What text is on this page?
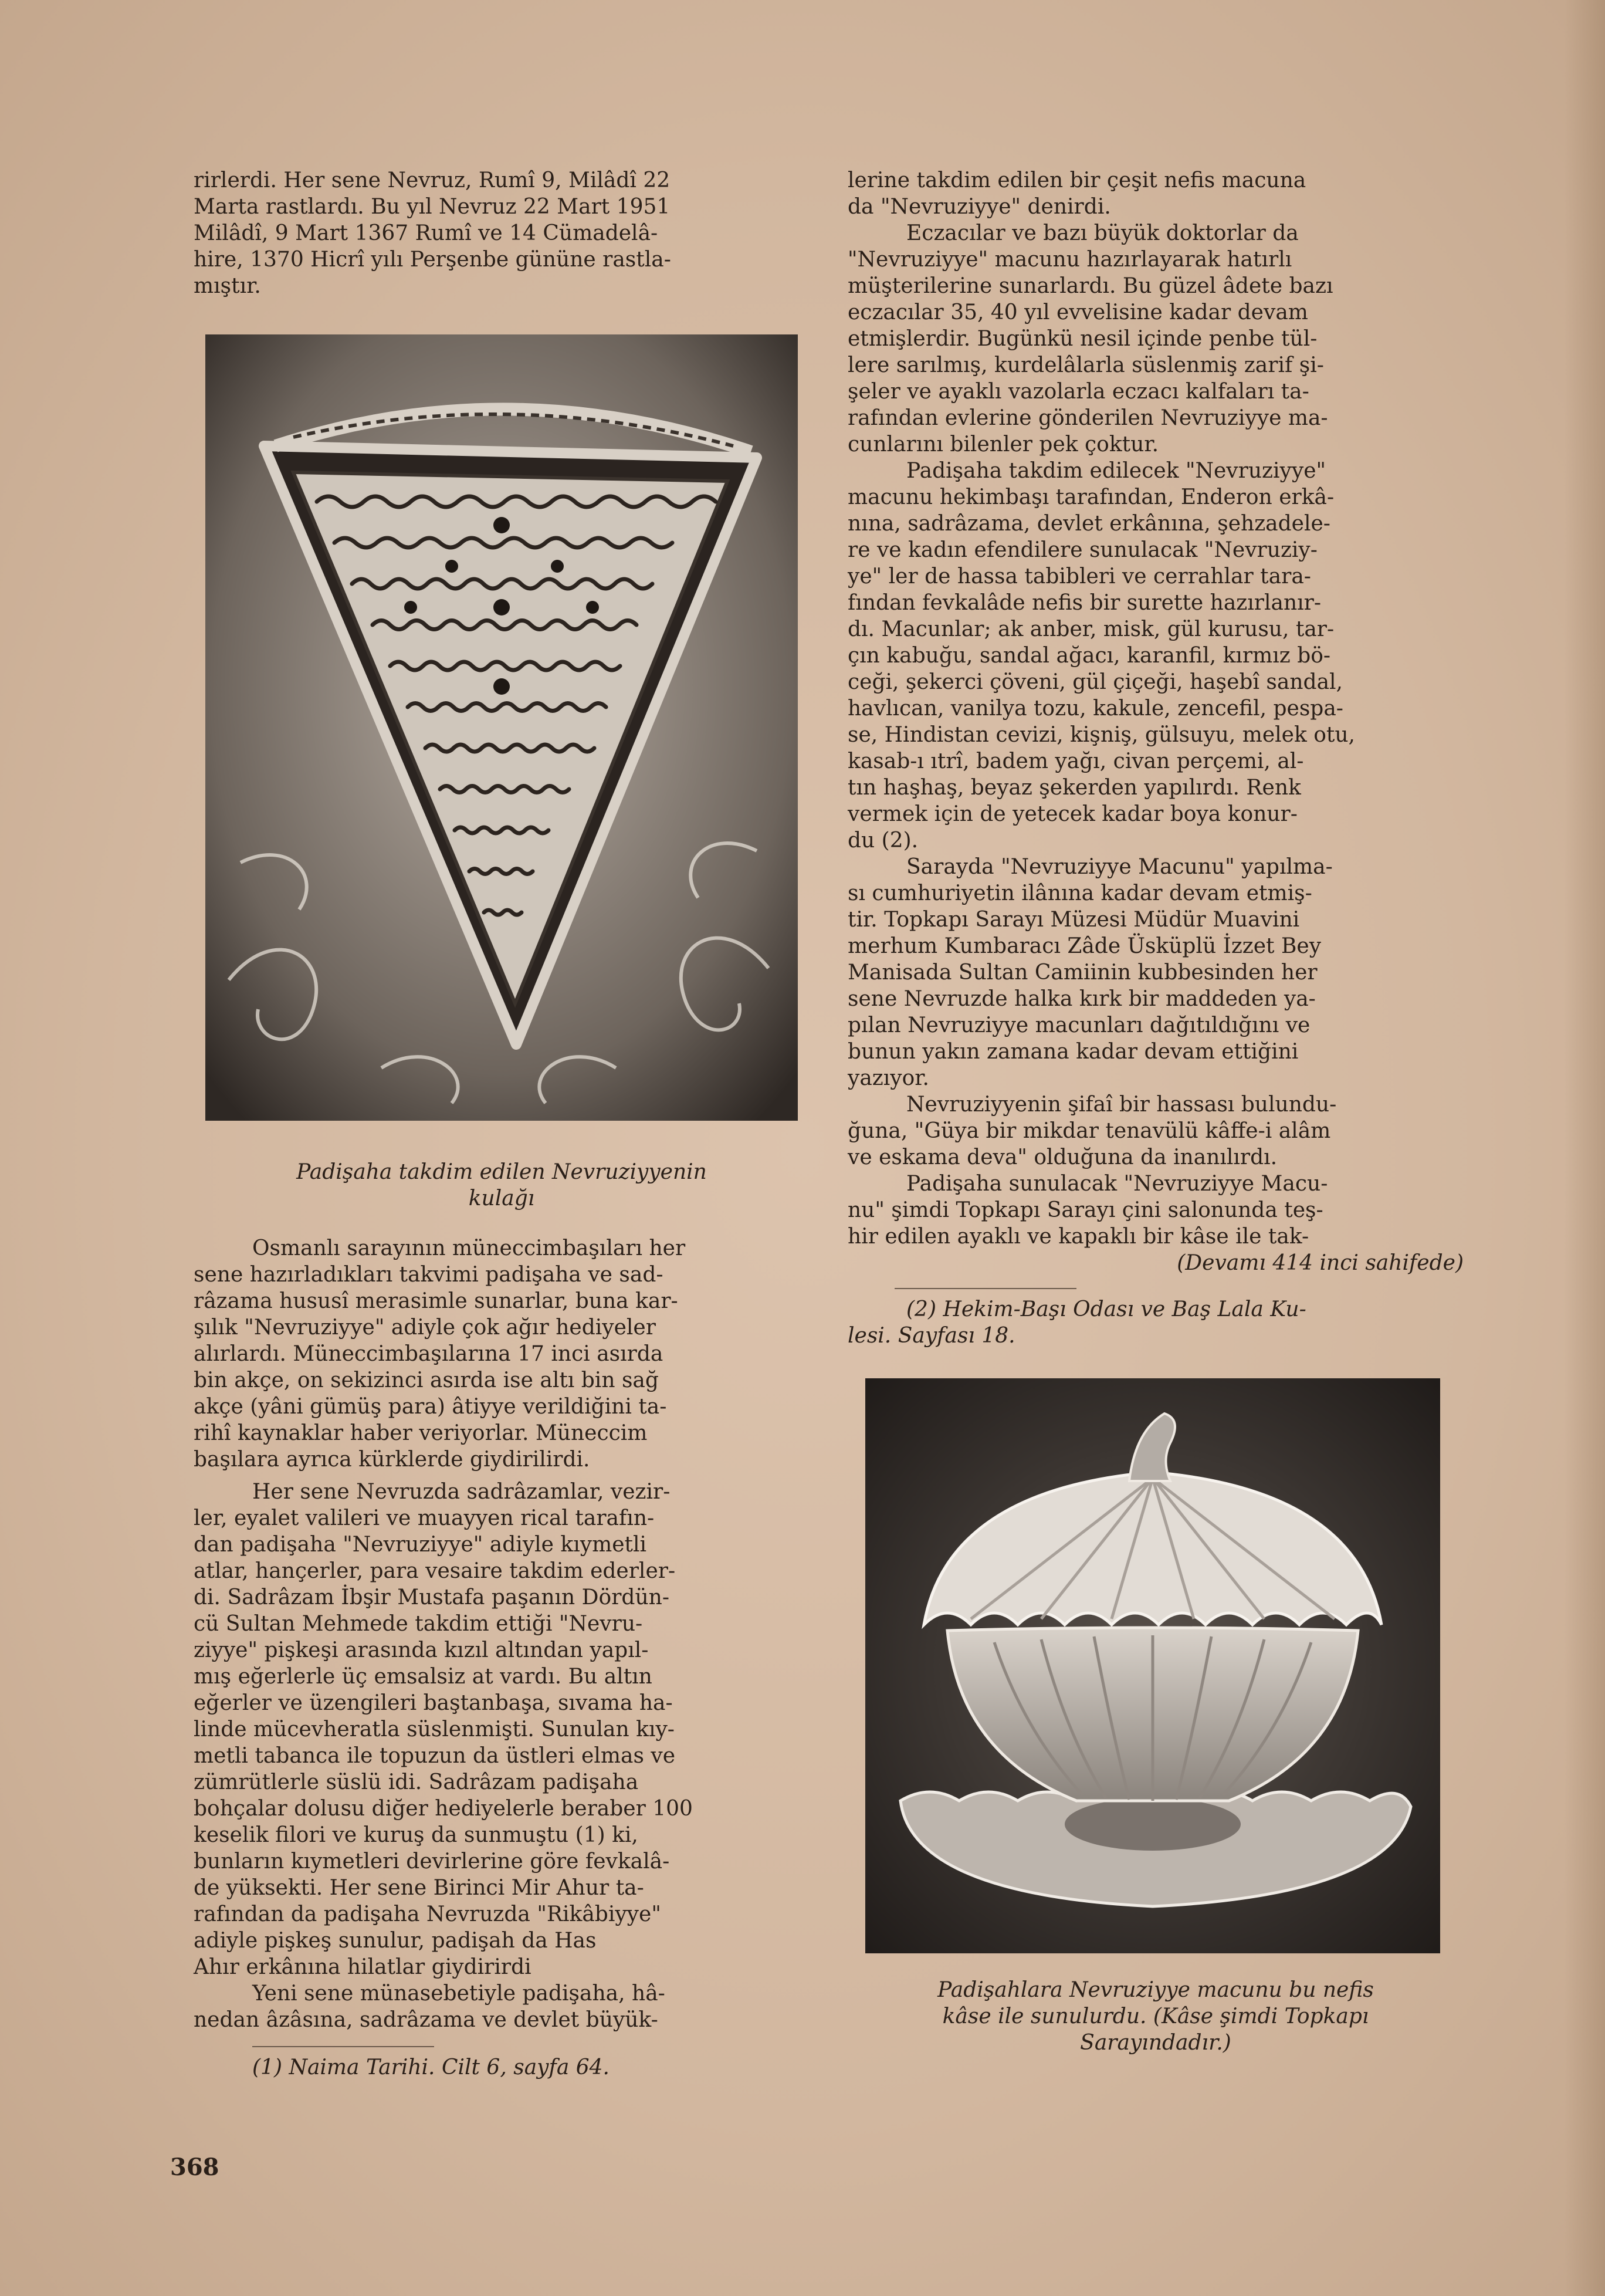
rirlerdi. Her sene Nevruz, Rumî 9, Milâdî 22
Marta rastlardı. Bu yıl Nevruz 22 Mart 1951
Milâdî, 9 Mart 1367 Rumî ve 14 Cümadelâ-
hire, 1370 Hicrî yılı Perşenbe gününe rastla-
mıştır.

Padişaha takdim edilen Nevruziyyenin
kulağı

Osmanlı sarayının müneccimbaşıları her
sene hazırladıkları takvimi padişaha ve sad-
râzama hususî merasimle sunarlar, buna kar-
şılık "Nevruziyye" adiyle çok ağır hediyeler
alırlardı. Müneccimbaşılarına 17 inci asırda
bin akçe, on sekizinci asırda ise altı bin sağ
akçe (yâni gümüş para) âtiyye verildiğini ta-
rihî kaynaklar haber veriyorlar. Müneccim
başılara ayrıca kürklerde giydirilirdi.

Her sene Nevruzda sadrâzamlar, vezir-
ler, eyalet valileri ve muayyen rical tarafın-
dan padişaha "Nevruziyye" adiyle kıymetli
atlar, hançerler, para vesaire takdim ederler-
di. Sadrâzam İbşir Mustafa paşanın Dördün-
cü Sultan Mehmede takdim ettiği "Nevru-
ziyye" pişkeşi arasında kızıl altından yapıl-
mış eğerlerle üç emsalsiz at vardı. Bu altın
eğerler ve üzengileri baştanbaşa, sıvama ha-
linde mücevheratla süslenmişti. Sunulan kıy-
metli tabanca ile topuzun da üstleri elmas ve
zümrütlerle süslü idi. Sadrâzam padişaha
bohçalar dolusu diğer hediyelerle beraber 100
keselik filori ve kuruş da sunmuştu (1) ki,
bunların kıymetleri devirlerine göre fevkalâ-
de yüksekti. Her sene Birinci Mir Ahur ta-
rafından da padişaha Nevruzda "Rikâbiyye"
adiyle pişkeş sunulur, padişah da Has
Ahır erkânına hilatlar giydirirdi

Yeni sene münasebetiyle padişaha, hâ-
nedan âzâsına, sadrâzama ve devlet büyük-

(1) Naima Tarihi. Cilt 6, sayfa 64.

lerine takdim edilen bir çeşit nefis macuna
da "Nevruziyye" denirdi.

Eczacılar ve bazı büyük doktorlar da
"Nevruziyye" macunu hazırlayarak hatırlı
müşterilerine sunarlardı. Bu güzel âdete bazı
eczacılar 35, 40 yıl evvelisine kadar devam
etmişlerdir. Bugünkü nesil içinde penbe tül-
lere sarılmış, kurdelâlarla süslenmiş zarif şi-
şeler ve ayaklı vazolarla eczacı kalfaları ta-
rafından evlerine gönderilen Nevruziyye ma-
cunlarını bilenler pek çoktur.

Padişaha takdim edilecek "Nevruziyye"
macunu hekimbaşı tarafından, Enderon erkâ-
nına, sadrâzama, devlet erkânına, şehzadele-
re ve kadın efendilere sunulacak "Nevruziy-
ye" ler de hassa tabibleri ve cerrahlar tara-
fından fevkalâde nefis bir surette hazırlanır-
dı. Macunlar; ak anber, misk, gül kurusu, tar-
çın kabuğu, sandal ağacı, karanfil, kırmız bö-
ceği, şekerci çöveni, gül çiçeği, haşebî sandal,
havlıcan, vanilya tozu, kakule, zencefil, pespa-
se, Hindistan cevizi, kişniş, gülsuyu, melek otu,
kasab-ı ıtrî, badem yağı, civan perçemi, al-
tın haşhaş, beyaz şekerden yapılırdı. Renk
vermek için de yetecek kadar boya konur-
du (2).

Sarayda "Nevruziyye Macunu" yapılma-
sı cumhuriyetin ilânına kadar devam etmiş-
tir. Topkapı Sarayı Müzesi Müdür Muavini
merhum Kumbaracı Zâde Üsküplü İzzet Bey
Manisada Sultan Camiinin kubbesinden her
sene Nevruzde halka kırk bir maddeden ya-
pılan Nevruziyye macunları dağıtıldığını ve
bunun yakın zamana kadar devam ettiğini
yazıyor.

Nevruziyyenin şifaî bir hassası bulundu-
ğuna, "Güya bir mikdar tenavülü kâffe-i alâm
ve eskama deva" olduğuna da inanılırdı.

Padişaha sunulacak "Nevruziyye Macu-
nu" şimdi Topkapı Sarayı çini salonunda teş-
hir edilen ayaklı ve kapaklı bir kâse ile tak-

(Devamı 414 inci sahifede)

(2) Hekim-Başı Odası ve Baş Lala Ku-
lesi. Sayfası 18.

Padişahlara Nevruziyye macunu bu nefis
kâse ile sunulurdu. (Kâse şimdi Topkapı
Sarayındadır.)

368
